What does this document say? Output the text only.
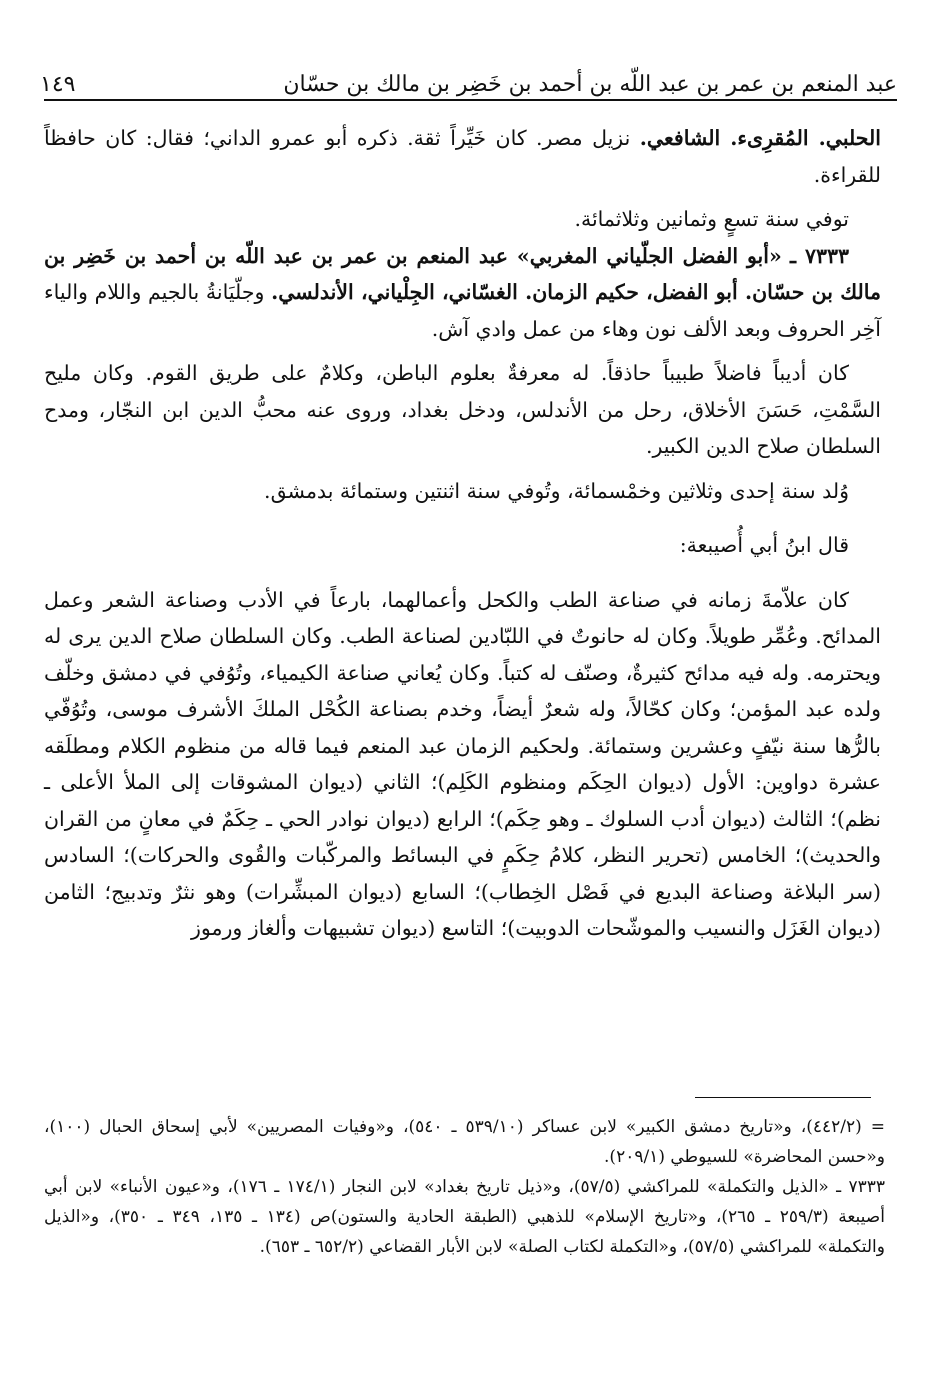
عبد المنعم بن عمر بن عبد اللّه بن أحمد بن خَضِر بن مالك بن حسّان
١٤٩

الحلبي. المُقرِىء. الشافعي. نزيل مصر. كان خَيِّراً ثقة. ذكره أبو عمرو الداني؛ فقال: كان حافظاً للقراءة.

توفي سنة تسعٍ وثمانين وثلاثمائة.

٧٣٣٣ ـ «أبو الفضل الجلّياني المغربي» عبد المنعم بن عمر بن عبد اللّه بن أحمد بن خَضِر بن مالك بن حسّان. أبو الفضل، حكيم الزمان. الغسّاني، الجِلْياني، الأندلسي. وجلّيَانةُ بالجيم واللام والياء آخِر الحروف وبعد الألف نون وهاء من عمل وادي آش.

كان أديباً فاضلاً طبيباً حاذقاً. له معرفةٌ بعلوم الباطن، وكلامٌ على طريق القوم. وكان مليح السَّمْتِ، حَسَنَ الأخلاق، رحل من الأندلس، ودخل بغداد، وروى عنه محبُّ الدين ابن النجّار، ومدح السلطان صلاح الدين الكبير.

وُلد سنة إحدى وثلاثين وخمْسمائة، وتُوفي سنة اثنتين وستمائة بدمشق.

قال ابنُ أبي أُصيبعة:

كان علاّمةَ زمانه في صناعة الطب والكحل وأعمالهما، بارعاً في الأدب وصناعة الشعر وعمل المدائح. وعُمِّر طويلاً. وكان له حانوتٌ في اللبّادين لصناعة الطب. وكان السلطان صلاح الدين يرى له ويحترمه. وله فيه مدائح كثيرةٌ، وصنّف له كتباً. وكان يُعاني صناعة الكيمياء، وتُوُفي في دمشق وخلّف ولده عبد المؤمن؛ وكان كحّالاً، وله شعرٌ أيضاً، وخدم بصناعة الكُحْل الملكَ الأشرف موسى، وتُوُفّي بالرُّها سنة نيّفٍ وعشرين وستمائة. ولحكيم الزمان عبد المنعم فيما قاله من منظوم الكلام ومطلَقه عشرة دواوين: الأول (ديوان الحِكَم ومنظوم الكَلِم)؛ الثاني (ديوان المشوقات إلى الملأ الأعلى ـ نظم)؛ الثالث (ديوان أدب السلوك ـ وهو حِكَم)؛ الرابع (ديوان نوادر الحي ـ حِكَمٌ في معانٍ من القران والحديث)؛ الخامس (تحرير النظر، كلامُ حِكَمٍ في البسائط والمركّبات والقُوى والحركات)؛ السادس (سر البلاغة وصناعة البديع في فَصْل الخِطاب)؛ السابع (ديوان المبشِّرات) وهو نثرٌ وتدبيج؛ الثامن (ديوان الغَزَل والنسيب والموشّحات الدوبيت)؛ التاسع (ديوان تشبيهات وألغاز ورموز

= (٤٤٢/٢)، و«تاريخ دمشق الكبير» لابن عساكر (٥٣٩/١٠ ـ ٥٤٠)، و«وفيات المصريين» لأبي إسحاق الحبال (١٠٠)، و«حسن المحاضرة» للسيوطي (٢٠٩/١).

٧٣٣٣ ـ «الذيل والتكملة» للمراكشي (٥٧/٥)، و«ذيل تاريخ بغداد» لابن النجار (١٧٤/١ ـ ١٧٦)، و«عيون الأنباء» لابن أبي أصيبعة (٢٥٩/٣ ـ ٢٦٥)، و«تاريخ الإسلام» للذهبي (الطبقة الحادية والستون)ص (١٣٤ ـ ١٣٥، ٣٤٩ ـ ٣٥٠)، و«الذيل والتكملة» للمراكشي (٥٧/٥)، و«التكملة لكتاب الصلة» لابن الأبار القضاعي (٦٥٢/٢ ـ ٦٥٣).
